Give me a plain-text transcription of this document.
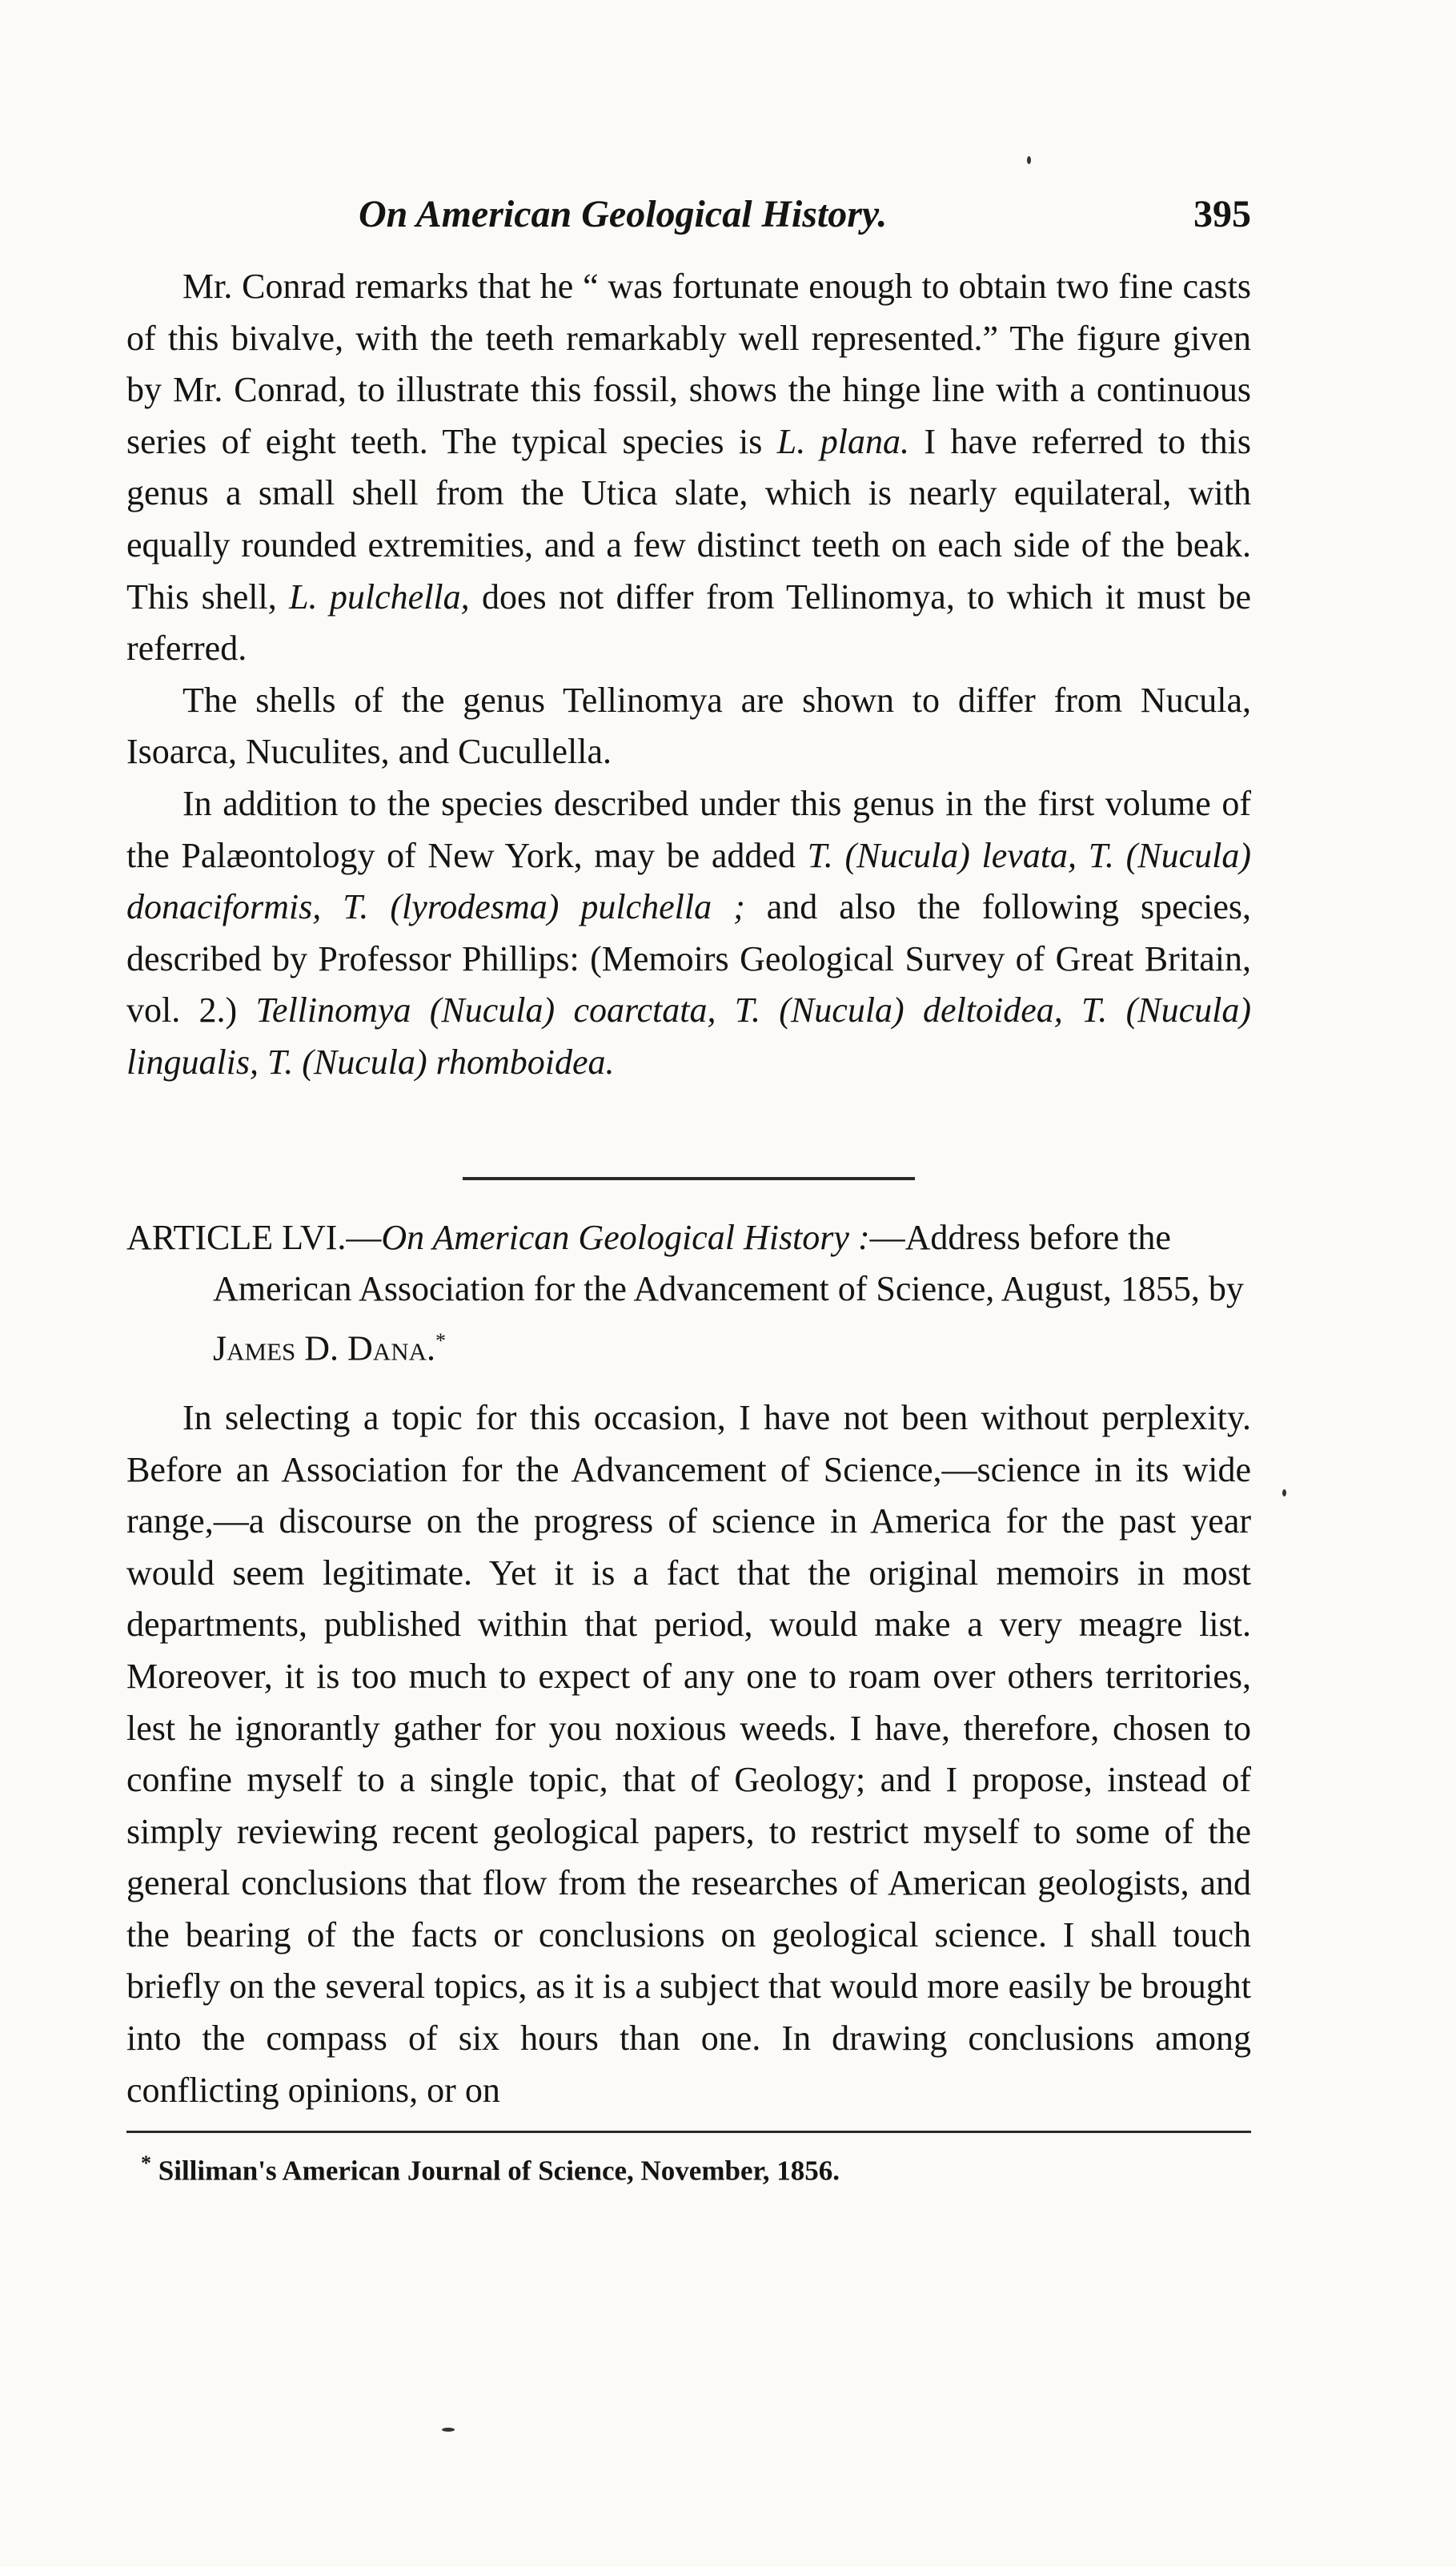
On American Geological History.	395

Mr. Conrad remarks that he “ was fortunate enough to obtain two fine casts of this bivalve, with the teeth remarkably well represented.” The figure given by Mr. Conrad, to illustrate this fossil, shows the hinge line with a continuous series of eight teeth. The typical species is L. plana. I have referred to this genus a small shell from the Utica slate, which is nearly equilateral, with equally rounded extremities, and a few distinct teeth on each side of the beak. This shell, L. pulchella, does not differ from Tellinomya, to which it must be referred.

The shells of the genus Tellinomya are shown to differ from Nucula, Isoarca, Nuculites, and Cucullella.

In addition to the species described under this genus in the first volume of the Palæontology of New York, may be added T. (Nucula) levata, T. (Nucula) donaciformis, T. (lyrodesma) pulchella ; and also the following species, described by Professor Phillips: (Memoirs Geological Survey of Great Britain, vol. 2.) Tellinomya (Nucula) coarctata, T. (Nucula) deltoidea, T. (Nucula) lingualis, T. (Nucula) rhomboidea.

ARTICLE LVI.—On American Geological History :—Address before the American Association for the Advancement of Science, August, 1855, by James D. Dana.*

In selecting a topic for this occasion, I have not been without perplexity. Before an Association for the Advancement of Science,—science in its wide range,—a discourse on the progress of science in America for the past year would seem legitimate. Yet it is a fact that the original memoirs in most departments, published within that period, would make a very meagre list. Moreover, it is too much to expect of any one to roam over others territories, lest he ignorantly gather for you noxious weeds. I have, therefore, chosen to confine myself to a single topic, that of Geology; and I propose, instead of simply reviewing recent geological papers, to restrict myself to some of the general conclusions that flow from the researches of American geologists, and the bearing of the facts or conclusions on geological science. I shall touch briefly on the several topics, as it is a subject that would more easily be brought into the compass of six hours than one. In drawing conclusions among conflicting opinions, or on

* Silliman's American Journal of Science, November, 1856.
